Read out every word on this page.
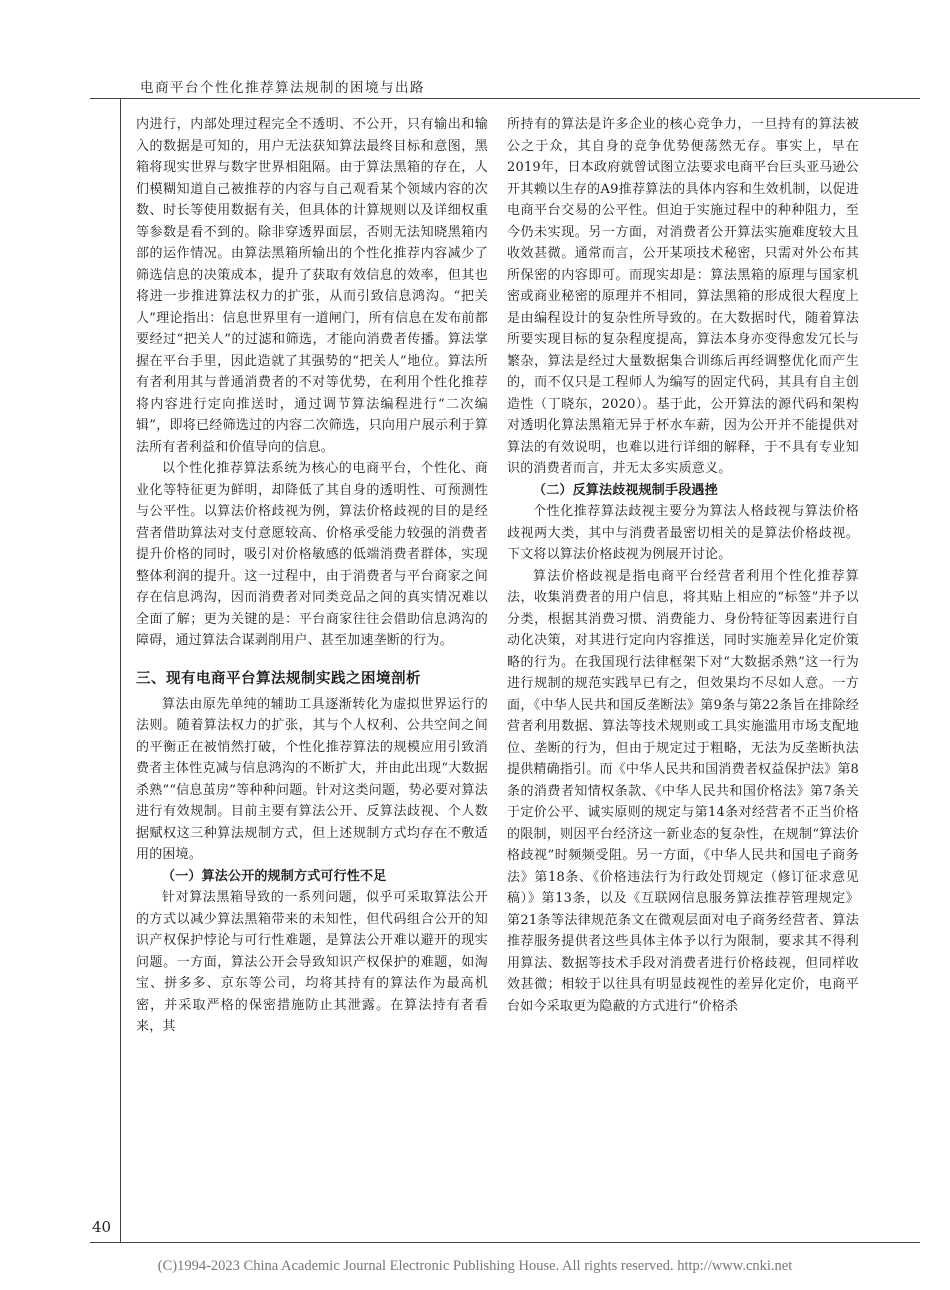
电商平台个性化推荐算法规制的困境与出路

内进行，内部处理过程完全不透明、不公开，只有输出和输入的数据是可知的，用户无法获知算法最终目标和意图，黑箱将现实世界与数字世界相阻隔。由于算法黑箱的存在，人们模糊知道自己被推荐的内容与自己观看某个领域内容的次数、时长等使用数据有关，但具体的计算规则以及详细权重等参数是看不到的。除非穿透界面层，否则无法知晓黑箱内部的运作情况。由算法黑箱所输出的个性化推荐内容减少了筛选信息的决策成本，提升了获取有效信息的效率，但其也将进一步推进算法权力的扩张，从而引致信息鸿沟。“把关人”理论指出：信息世界里有一道闸门，所有信息在发布前都要经过“把关人”的过滤和筛选，才能向消费者传播。算法掌握在平台手里，因此造就了其强势的“把关人”地位。算法所有者利用其与普通消费者的不对等优势，在利用个性化推荐将内容进行定向推送时，通过调节算法编程进行“二次编辑”，即将已经筛选过的内容二次筛选，只向用户展示利于算法所有者利益和价值导向的信息。

以个性化推荐算法系统为核心的电商平台，个性化、商业化等特征更为鲜明，却降低了其自身的透明性、可预测性与公平性。以算法价格歧视为例，算法价格歧视的目的是经营者借助算法对支付意愿较高、价格承受能力较强的消费者提升价格的同时，吸引对价格敏感的低端消费者群体，实现整体利润的提升。这一过程中，由于消费者与平台商家之间存在信息鸿沟，因而消费者对同类竞品之间的真实情况难以全面了解；更为关键的是：平台商家往往会借助信息鸿沟的障碍，通过算法合谋剥削用户、甚至加速垄断的行为。

三、现有电商平台算法规制实践之困境剖析

算法由原先单纯的辅助工具逐渐转化为虚拟世界运行的法则。随着算法权力的扩张，其与个人权利、公共空间之间的平衡正在被悄然打破，个性化推荐算法的规模应用引致消费者主体性克减与信息鸿沟的不断扩大，并由此出现“大数据杀熟”“信息茧房”等种种问题。针对这类问题，势必要对算法进行有效规制。目前主要有算法公开、反算法歧视、个人数据赋权这三种算法规制方式，但上述规制方式均存在不敷适用的困境。

（一）算法公开的规制方式可行性不足

针对算法黑箱导致的一系列问题，似乎可采取算法公开的方式以减少算法黑箱带来的未知性，但代码组合公开的知识产权保护悖论与可行性难题，是算法公开难以避开的现实问题。一方面，算法公开会导致知识产权保护的难题，如淘宝、拼多多、京东等公司，均将其持有的算法作为最高机密，并采取严格的保密措施防止其泄露。在算法持有者看来，其

所持有的算法是许多企业的核心竞争力，一旦持有的算法被公之于众，其自身的竞争优势便荡然无存。事实上，早在2019年，日本政府就曾试图立法要求电商平台巨头亚马逊公开其赖以生存的A9推荐算法的具体内容和生效机制，以促进电商平台交易的公平性。但迫于实施过程中的种种阻力，至今仍未实现。另一方面，对消费者公开算法实施难度较大且收效甚微。通常而言，公开某项技术秘密，只需对外公布其所保密的内容即可。而现实却是：算法黑箱的原理与国家机密或商业秘密的原理并不相同，算法黑箱的形成很大程度上是由编程设计的复杂性所导致的。在大数据时代，随着算法所要实现目标的复杂程度提高，算法本身亦变得愈发冗长与繁杂，算法是经过大量数据集合训练后再经调整优化而产生的，而不仅只是工程师人为编写的固定代码，其具有自主创造性（丁晓东，2020）。基于此，公开算法的源代码和架构对透明化算法黑箱无异于杯水车薪，因为公开并不能提供对算法的有效说明，也难以进行详细的解释，于不具有专业知识的消费者而言，并无太多实质意义。

（二）反算法歧视规制手段遇挫

个性化推荐算法歧视主要分为算法人格歧视与算法价格歧视两大类，其中与消费者最密切相关的是算法价格歧视。下文将以算法价格歧视为例展开讨论。

算法价格歧视是指电商平台经营者利用个性化推荐算法，收集消费者的用户信息，将其贴上相应的“标签”并予以分类，根据其消费习惯、消费能力、身份特征等因素进行自动化决策，对其进行定向内容推送，同时实施差异化定价策略的行为。在我国现行法律框架下对“大数据杀熟”这一行为进行规制的规范实践早已有之，但效果均不尽如人意。一方面，《中华人民共和国反垄断法》第9条与第22条旨在排除经营者利用数据、算法等技术规则或工具实施滥用市场支配地位、垄断的行为，但由于规定过于粗略，无法为反垄断执法提供精确指引。而《中华人民共和国消费者权益保护法》第8条的消费者知情权条款、《中华人民共和国价格法》第7条关于定价公平、诚实原则的规定与第14条对经营者不正当价格的限制，则因平台经济这一新业态的复杂性，在规制“算法价格歧视”时频频受阻。另一方面，《中华人民共和国电子商务法》第18条、《价格违法行为行政处罚规定（修订征求意见稿）》第13条，以及《互联网信息服务算法推荐管理规定》第21条等法律规范条文在微观层面对电子商务经营者、算法推荐服务提供者这些具体主体予以行为限制，要求其不得利用算法、数据等技术手段对消费者进行价格歧视，但同样收效甚微；相较于以往具有明显歧视性的差异化定价，电商平台如今采取更为隐蔽的方式进行“价格杀

40
(C)1994-2023 China Academic Journal Electronic Publishing House. All rights reserved. http://www.cnki.net
